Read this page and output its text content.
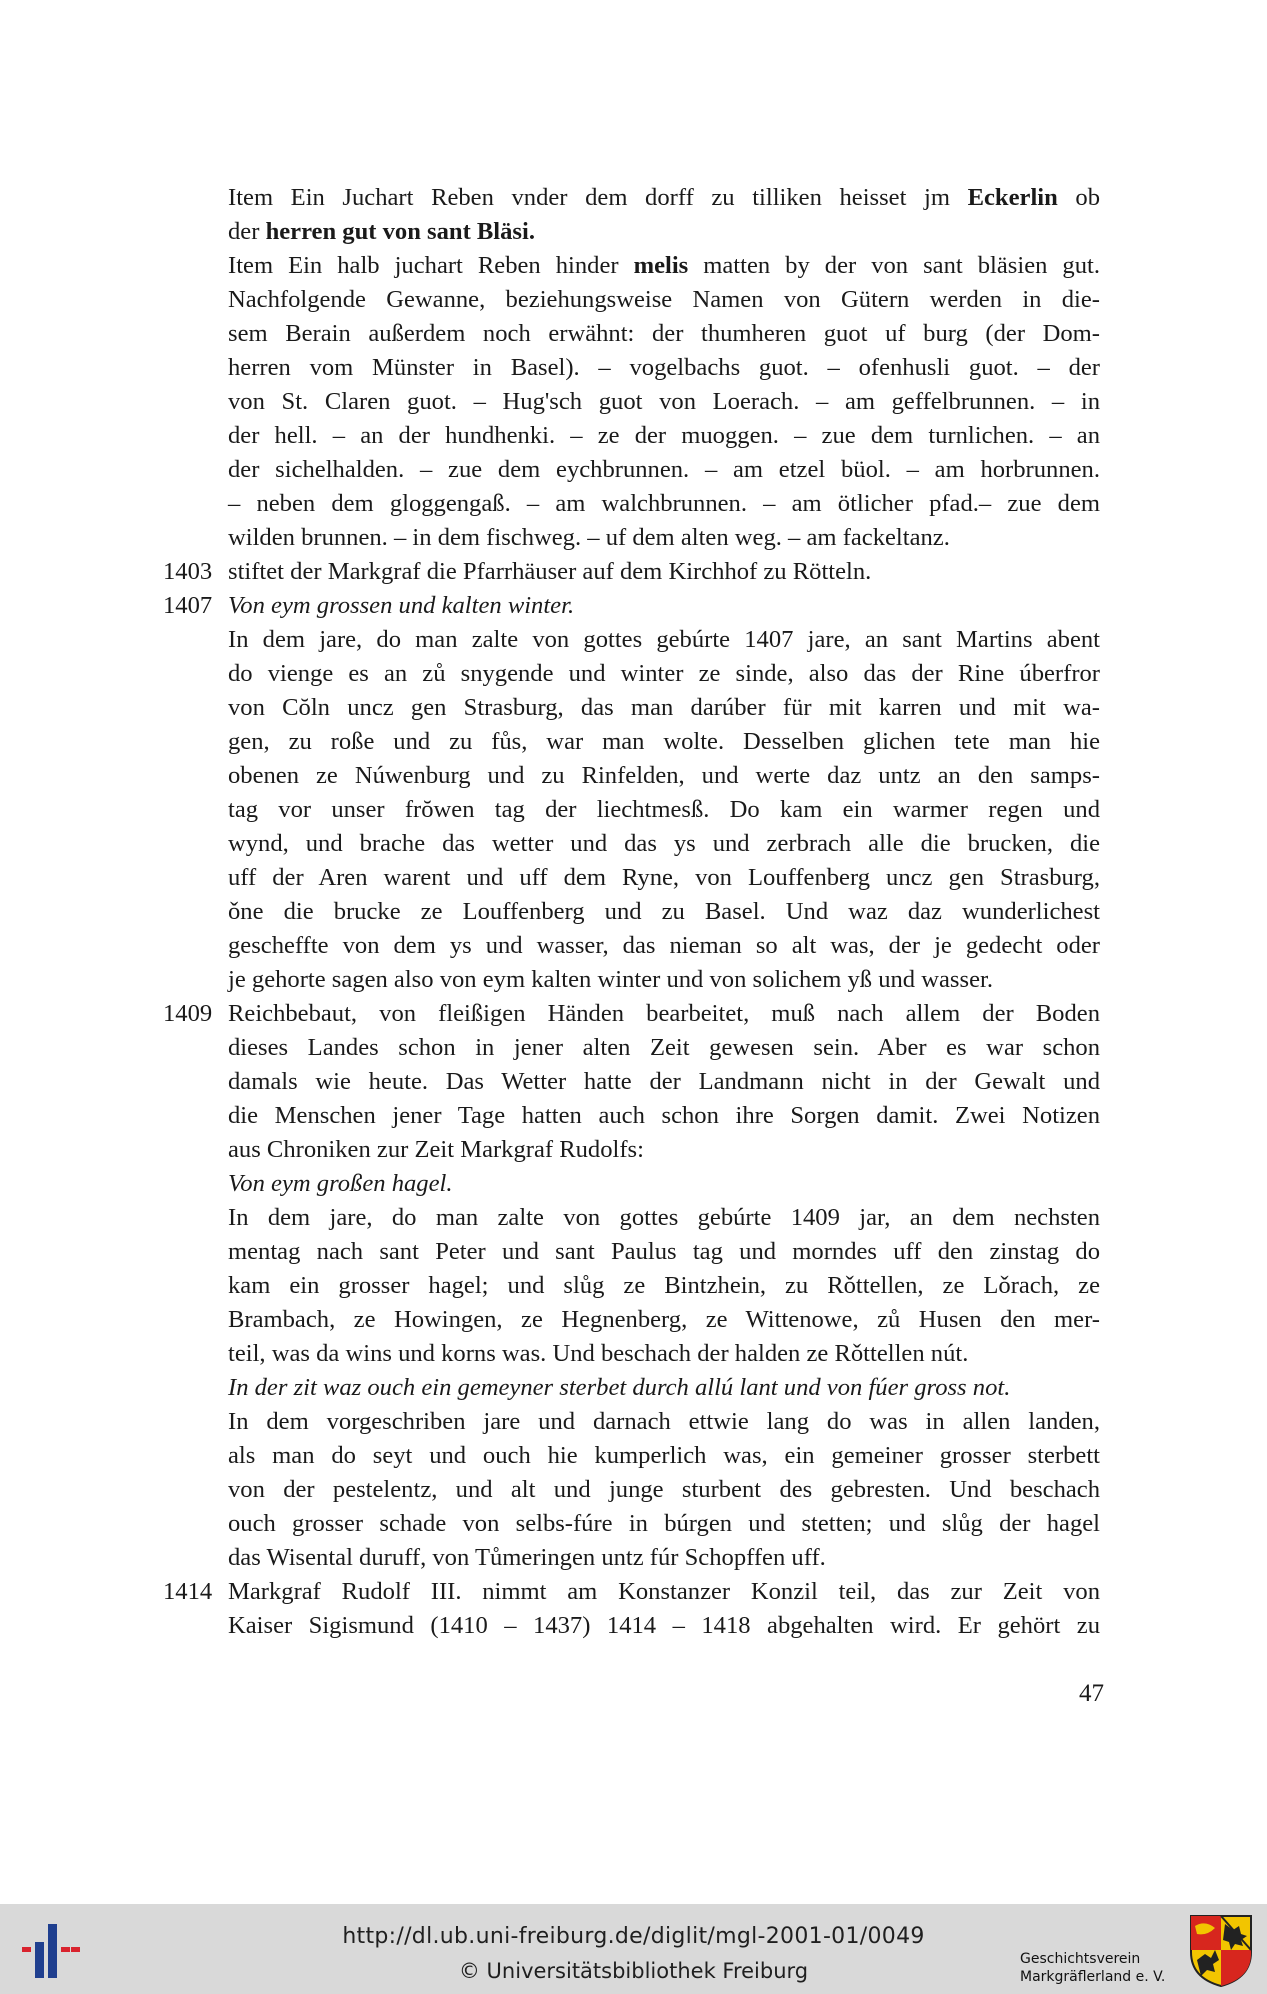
Item Ein Juchart Reben vnder dem dorff zu tilliken heisset jm Eckerlin ob
der herren gut von sant Bläsi.
Item Ein halb juchart Reben hinder melis matten by der von sant bläsien gut.
Nachfolgende Gewanne, beziehungsweise Namen von Gütern werden in die-
sem Berain außerdem noch erwähnt: der thumheren guot uf burg (der Dom-
herren vom Münster in Basel). – vogelbachs guot. – ofenhusli guot. – der
von St. Claren guot. – Hug'sch guot von Loerach. – am geffelbrunnen. – in
der hell. – an der hundhenki. – ze der muoggen. – zue dem turnlichen. – an
der sichelhalden. – zue dem eychbrunnen. – am etzel büol. – am horbrunnen.
– neben dem gloggengaß. – am walchbrunnen. – am ötlicher pfad.– zue dem
wilden brunnen. – in dem fischweg. – uf dem alten weg. – am fackeltanz.
1403 stiftet der Markgraf die Pfarrhäuser auf dem Kirchhof zu Rötteln.
1407 Von eym grossen und kalten winter.
In dem jare, do man zalte von gottes gebúrte 1407 jare, an sant Martins abent
do vienge es an zů snygende und winter ze sinde, also das der Rine úberfror
von Cŏln uncz gen Strasburg, das man darúber für mit karren und mit wa-
gen, zu roße und zu fůs, war man wolte. Desselben glichen tete man hie
obenen ze Núwenburg und zu Rinfelden, und werte daz untz an den samps-
tag vor unser frŏwen tag der liechtmesß. Do kam ein warmer regen und
wynd, und brache das wetter und das ys und zerbrach alle die brucken, die
uff der Aren warent und uff dem Ryne, von Louffenberg uncz gen Strasburg,
ǒne die brucke ze Louffenberg und zu Basel. Und waz daz wunderlichest
gescheffte von dem ys und wasser, das nieman so alt was, der je gedecht oder
je gehorte sagen also von eym kalten winter und von solichem yß und wasser.
1409 Reichbebaut, von fleißigen Händen bearbeitet, muß nach allem der Boden
dieses Landes schon in jener alten Zeit gewesen sein. Aber es war schon
damals wie heute. Das Wetter hatte der Landmann nicht in der Gewalt und
die Menschen jener Tage hatten auch schon ihre Sorgen damit. Zwei Notizen
aus Chroniken zur Zeit Markgraf Rudolfs:
Von eym großen hagel.
In dem jare, do man zalte von gottes gebúrte 1409 jar, an dem nechsten
mentag nach sant Peter und sant Paulus tag und morndes uff den zinstag do
kam ein grosser hagel; und slůg ze Bintzhein, zu Rǒttellen, ze Lǒrach, ze
Brambach, ze Howingen, ze Hegnenberg, ze Wittenowe, zů Husen den mer-
teil, was da wins und korns was. Und beschach der halden ze Rǒttellen nút.
In der zit waz ouch ein gemeyner sterbet durch allú lant und von fúer gross not.
In dem vorgeschriben jare und darnach ettwie lang do was in allen landen,
als man do seyt und ouch hie kumperlich was, ein gemeiner grosser sterbett
von der pestelentz, und alt und junge sturbent des gebresten. Und beschach
ouch grosser schade von selbs-fúre in búrgen und stetten; und slůg der hagel
das Wisental duruff, von Tůmeringen untz fúr Schopffen uff.
1414 Markgraf Rudolf III. nimmt am Konstanzer Konzil teil, das zur Zeit von
Kaiser Sigismund (1410 – 1437) 1414 – 1418 abgehalten wird. Er gehört zu
47
http://dl.ub.uni-freiburg.de/diglit/mgl-2001-01/0049
© Universitätsbibliothek Freiburg	Geschichtsverein
Markgräflerland e. V.
